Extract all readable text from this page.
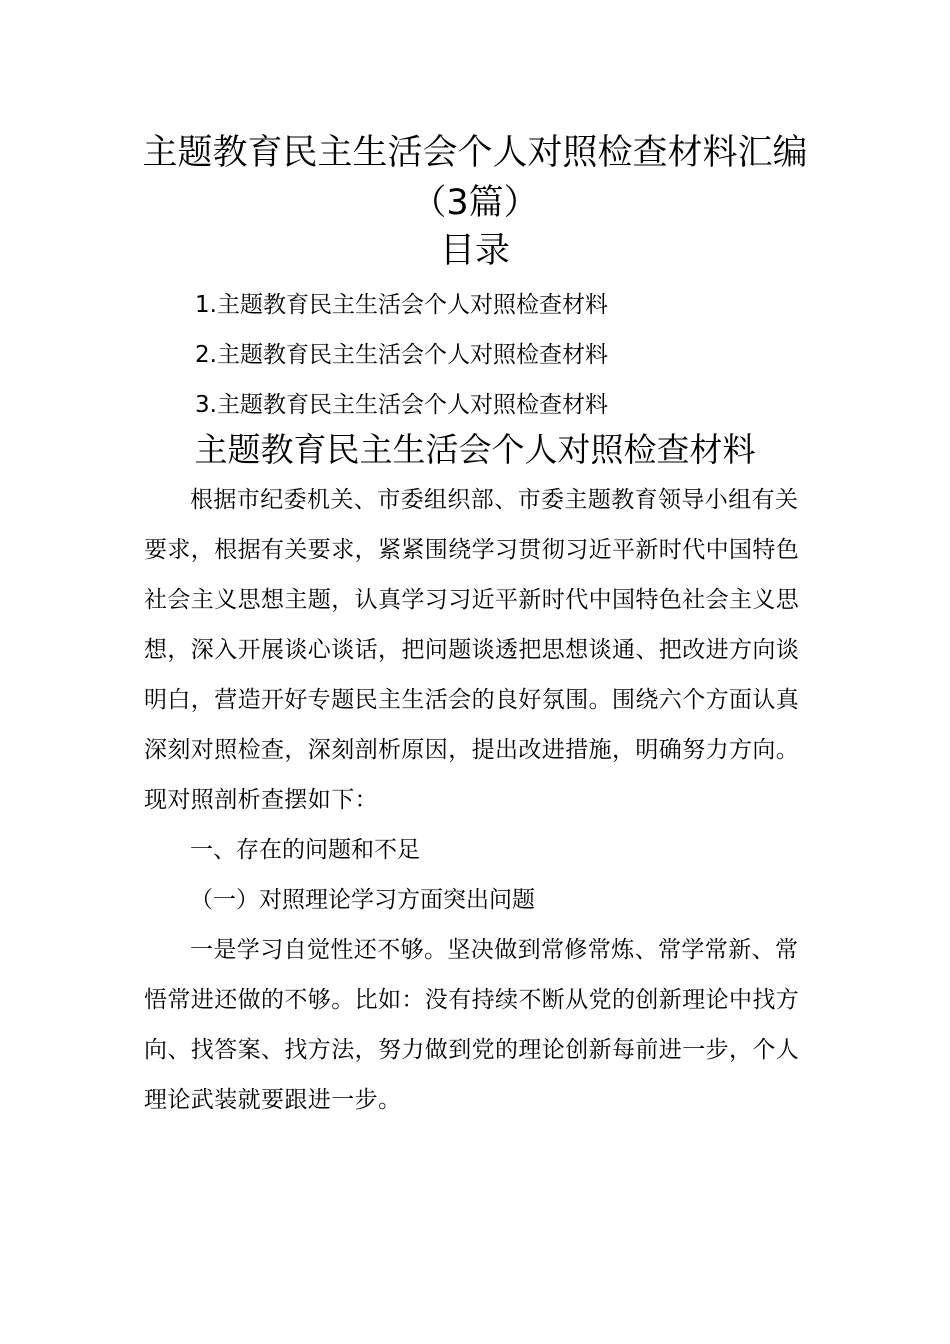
主题教育民主生活会个人对照检查材料汇编（3篇）
目录
1.主题教育民主生活会个人对照检查材料
2.主题教育民主生活会个人对照检查材料
3.主题教育民主生活会个人对照检查材料
主题教育民主生活会个人对照检查材料

根据市纪委机关、市委组织部、市委主题教育领导小组有关要求，根据有关要求，紧紧围绕学习贯彻习近平新时代中国特色社会主义思想主题，认真学习习近平新时代中国特色社会主义思想，深入开展谈心谈话，把问题谈透把思想谈通、把改进方向谈明白，营造开好专题民主生活会的良好氛围。围绕六个方面认真深刻对照检查，深刻剖析原因，提出改进措施，明确努力方向。现对照剖析查摆如下：

一、存在的问题和不足

（一）对照理论学习方面突出问题

一是学习自觉性还不够。坚决做到常修常炼、常学常新、常悟常进还做的不够。比如：没有持续不断从党的创新理论中找方向、找答案、找方法，努力做到党的理论创新每前进一步，个人理论武装就要跟进一步。
